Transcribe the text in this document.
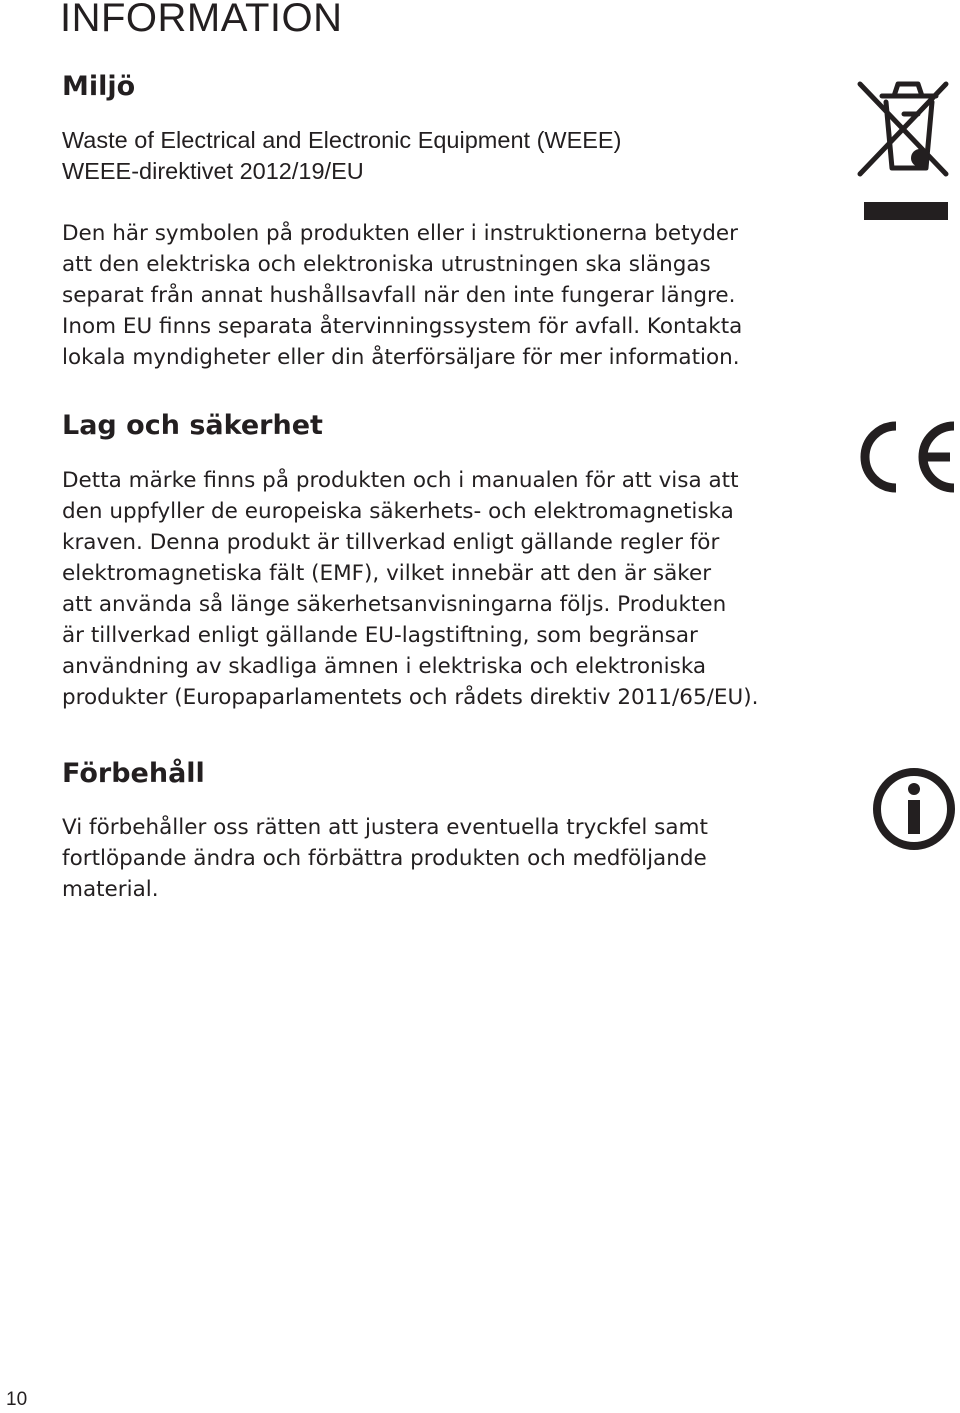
INFORMATION
Miljö
Waste of Electrical and Electronic Equipment (WEEE)
WEEE-direktivet 2012/19/EU
Den här symbolen på produkten eller i instruktionerna betyder
att den elektriska och elektroniska utrustningen ska slängas
separat från annat hushållsavfall när den inte fungerar längre.
Inom EU finns separata återvinningssystem för avfall. Kontakta
lokala myndigheter eller din återförsäljare för mer information.
Lag och säkerhet
Detta märke finns på produkten och i manualen för att visa att
den uppfyller de europeiska säkerhets- och elektromagnetiska
kraven. Denna produkt är tillverkad enligt gällande regler för
elektromagnetiska fält (EMF), vilket innebär att den är säker
att använda så länge säkerhetsanvisningarna följs. Produkten
är tillverkad enligt gällande EU-lagstiftning, som begränsar
användning av skadliga ämnen i elektriska och elektroniska
produkter (Europaparlamentets och rådets direktiv 2011/65/EU).
Förbehåll
Vi förbehåller oss rätten att justera eventuella tryckfel samt
fortlöpande ändra och förbättra produkten och medföljande
material.
10
